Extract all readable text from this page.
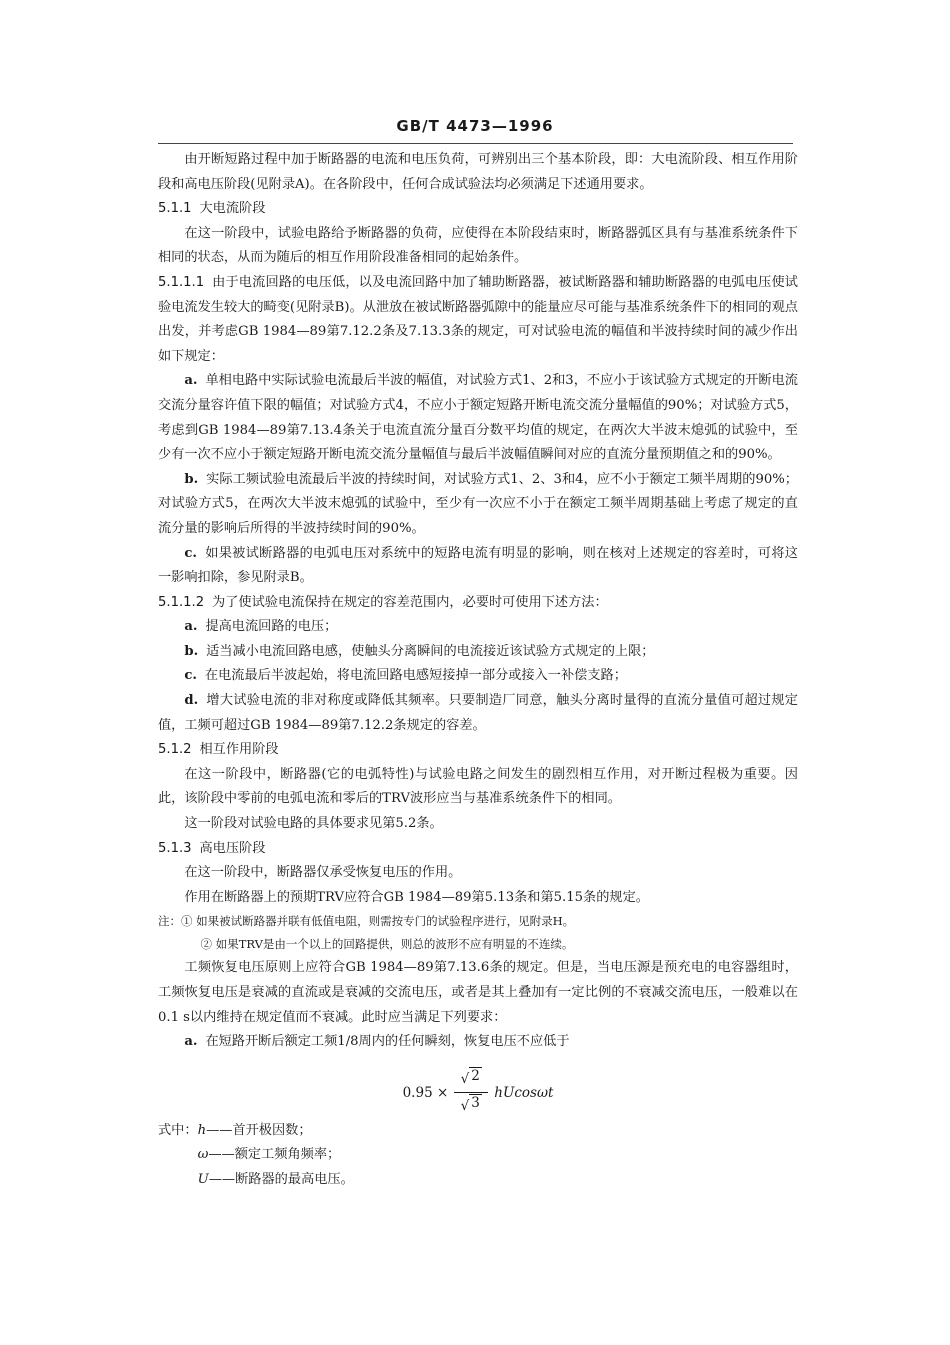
GB/T 4473—1996

由开断短路过程中加于断路器的电流和电压负荷，可辨别出三个基本阶段，即：大电流阶段、相互作用阶段和高电压阶段(见附录A)。在各阶段中，任何合成试验法均必须满足下述通用要求。

5.1.1 大电流阶段

在这一阶段中，试验电路给予断路器的负荷，应使得在本阶段结束时，断路器弧区具有与基准系统条件下相同的状态，从而为随后的相互作用阶段准备相同的起始条件。

5.1.1.1 由于电流回路的电压低，以及电流回路中加了辅助断路器，被试断路器和辅助断路器的电弧电压使试验电流发生较大的畸变(见附录B)。从泄放在被试断路器弧隙中的能量应尽可能与基准系统条件下的相同的观点出发，并考虑GB 1984—89第7.12.2条及7.13.3条的规定，可对试验电流的幅值和半波持续时间的减少作出如下规定：

a. 单相电路中实际试验电流最后半波的幅值，对试验方式1、2和3，不应小于该试验方式规定的开断电流交流分量容许值下限的幅值；对试验方式4，不应小于额定短路开断电流交流分量幅值的90%；对试验方式5，考虑到GB 1984—89第7.13.4条关于电流直流分量百分数平均值的规定，在两次大半波末熄弧的试验中，至少有一次不应小于额定短路开断电流交流分量幅值与最后半波幅值瞬间对应的直流分量预期值之和的90%。

b. 实际工频试验电流最后半波的持续时间，对试验方式1、2、3和4，应不小于额定工频半周期的90%；对试验方式5，在两次大半波末熄弧的试验中，至少有一次应不小于在额定工频半周期基础上考虑了规定的直流分量的影响后所得的半波持续时间的90%。

c. 如果被试断路器的电弧电压对系统中的短路电流有明显的影响，则在核对上述规定的容差时，可将这一影响扣除，参见附录B。

5.1.1.2 为了使试验电流保持在规定的容差范围内，必要时可使用下述方法：

a. 提高电流回路的电压；

b. 适当减小电流回路电感，使触头分离瞬间的电流接近该试验方式规定的上限；

c. 在电流最后半波起始，将电流回路电感短接掉一部分或接入一补偿支路；

d. 增大试验电流的非对称度或降低其频率。只要制造厂同意，触头分离时量得的直流分量值可超过规定值，工频可超过GB 1984—89第7.12.2条规定的容差。

5.1.2 相互作用阶段

在这一阶段中，断路器(它的电弧特性)与试验电路之间发生的剧烈相互作用，对开断过程极为重要。因此，该阶段中零前的电弧电流和零后的TRV波形应当与基准系统条件下的相同。

这一阶段对试验电路的具体要求见第5.2条。

5.1.3 高电压阶段

在这一阶段中，断路器仅承受恢复电压的作用。

作用在断路器上的预期TRV应符合GB 1984—89第5.13条和第5.15条的规定。

注：① 如果被试断路器并联有低值电阻，则需按专门的试验程序进行，见附录H。

② 如果TRV是由一个以上的回路提供，则总的波形不应有明显的不连续。

工频恢复电压原则上应符合GB 1984—89第7.13.6条的规定。但是，当电压源是预充电的电容器组时，工频恢复电压是衰减的直流或是衰减的交流电压，或者是其上叠加有一定比例的不衰减交流电压，一般难以在0.1 s以内维持在规定值而不衰减。此时应当满足下列要求：

a. 在短路开断后额定工频1/8周内的任何瞬刻，恢复电压不应低于

$0.95 \times \frac{√ 2}{√ 3}$ hUcosωt

式中：h——首开极因数；

ω——额定工频角频率；

U——断路器的最高电压。
